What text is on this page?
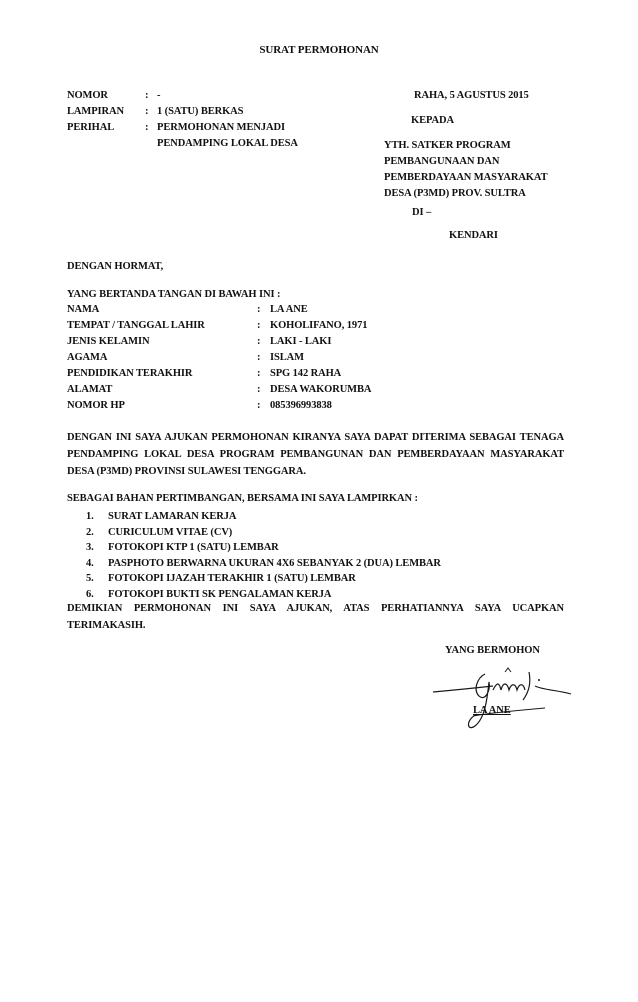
SURAT PERMOHONAN
NOMOR	: -
LAMPIRAN : 1 (SATU) BERKAS
PERIHAL	: PERMOHONAN MENJADI
PENDAMPING LOKAL DESA
RAHA, 5 AGUSTUS 2015
KEPADA
YTH. SATKER PROGRAM
PEMBANGUNAAN DAN
PEMBERDAYAAN MASYARAKAT
DESA (P3MD) PROV. SULTRA
DI –
KENDARI
DENGAN HORMAT,
YANG BERTANDA TANGAN DI BAWAH INI :
NAMA	: LA ANE
TEMPAT / TANGGAL LAHIR	: KOHOLIFANO, 1971
JENIS KELAMIN	: LAKI - LAKI
AGAMA	: ISLAM
PENDIDIKAN TERAKHIR	: SPG 142 RAHA
ALAMAT	: DESA WAKORUMBA
NOMOR HP	: 085396993838
DENGAN INI SAYA AJUKAN PERMOHONAN KIRANYA SAYA DAPAT DITERIMA SEBAGAI TENAGA PENDAMPING LOKAL DESA PROGRAM PEMBANGUNAN DAN PEMBERDAYAAN MASYARAKAT DESA (P3MD) PROVINSI SULAWESI TENGGARA.
SEBAGAI BAHAN PERTIMBANGAN, BERSAMA INI SAYA LAMPIRKAN :
1. SURAT LAMARAN KERJA
2. CURICULUM VITAE (CV)
3. FOTOKOPI KTP 1 (SATU) LEMBAR
4. PASPHOTO BERWARNA UKURAN 4X6 SEBANYAK 2 (DUA) LEMBAR
5. FOTOKOPI IJAZAH TERAKHIR 1 (SATU) LEMBAR
6. FOTOKOPI BUKTI SK PENGALAMAN KERJA
DEMIKIAN PERMOHONAN INI SAYA AJUKAN, ATAS PERHATIANNYA SAYA UCAPKAN TERIMAKASIH.
YANG BERMOHON
LA ANE
